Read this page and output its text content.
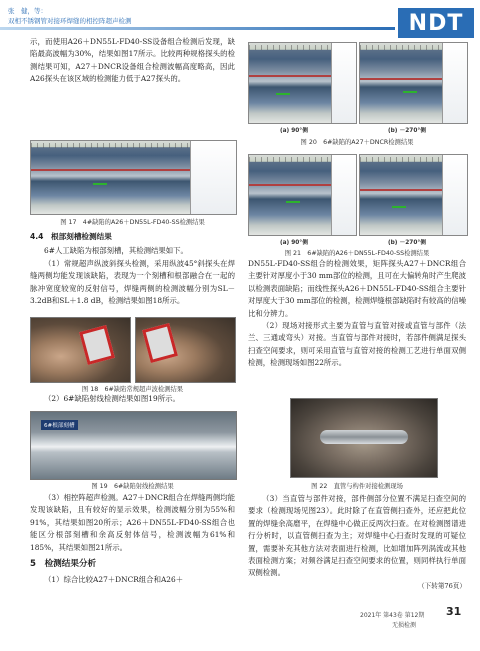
张　健，等：
双相不锈钢管对接环焊缝的相控阵超声检测	NDT

示，而使用A26＋DN55L-FD40-SS设备组合检测后发现，缺陷最高波幅为30%，结果如图17所示。比较两种规格探头的检测结果可知，A27＋DNCR设备组合检测波幅高度略高，因此A26探头在该区域的检测能力低于A27探头的。

图 17　4#缺陷的A26＋DN55L-FD40-SS检测结果
4.4　根部刻槽检测结果

6#人工缺陷为根部刻槽，其检测结果如下。

（1）常规超声纵波斜探头检测，采用纵波45°斜探头在焊缝两侧均能发现该缺陷，表现为一个刻槽和根部融合在一起的脉冲宽度较宽的反射信号，焊缝两侧的检测波幅分别为SL－3.2dB和SL＋1.8 dB，检测结果如图18所示。

图 18　6#缺陷常规超声波检测结果

（2）6#缺陷射线检测结果如图19所示。

6#根部刻槽
图 19　6#缺陷射线检测结果

（3）相控阵超声检测。A27＋DNCR组合在焊缝两侧均能发现该缺陷，且有较好的显示效果，检测波幅分别为55%和91%，其结果如图20所示；A26＋DN55L-FD40-SS组合也能区分根部刻槽和余高反射体信号，检测波幅为61%和185%，其结果如图21所示。

5　检测结果分析

（1）综合比较A27＋DNCR组合和A26＋

(a) 90°侧	(b) －270°侧
图 20　6#缺陷的A27＋DNCR检测结果
(a) 90°侧	(b) －270°侧
图 21　6#缺陷的A26＋DN55L-FD40-SS检测结果

DN55L-FD40-SS组合的检测效果，矩阵探头A27＋DNCR组合主要针对厚度小于30 mm部位的检测，且可在大偏转角时产生爬波以检测表面缺陷；而线性探头A26＋DN55L-FD40-SS组合主要针对厚度大于30 mm部位的检测，检测焊缝根部缺陷时有较高的信噪比和分辨力。

（2）现场对接形式主要为直管与直管对接或直管与部件（法兰、三通或弯头）对接。当直管与部件对接时，若部件侧满足探头扫查空间要求，则可采用直管与直管对接的检测工艺进行单面双侧检测，检测现场如图22所示。

图 22　直管与构件对接检测现场

（3）当直管与部件对接，部件侧部分位置不满足扫查空间的要求（检测现场见图23）。此时除了在直管侧扫查外，还应把此位置的焊缝余高磨平，在焊缝中心做正反两次扫查。在对检测图谱进行分析时，以直管侧扫查为主；对焊缝中心扫查时发现的可疑位置，需要补充其他方法对表面进行检测，比如增加阵列涡流或其他表面检测方案；对频谷满足扫查空间要求的位置，则同样执行单面双侧检测。

（下转第76页）
2021年 第43卷 第12期
无损检测
31
